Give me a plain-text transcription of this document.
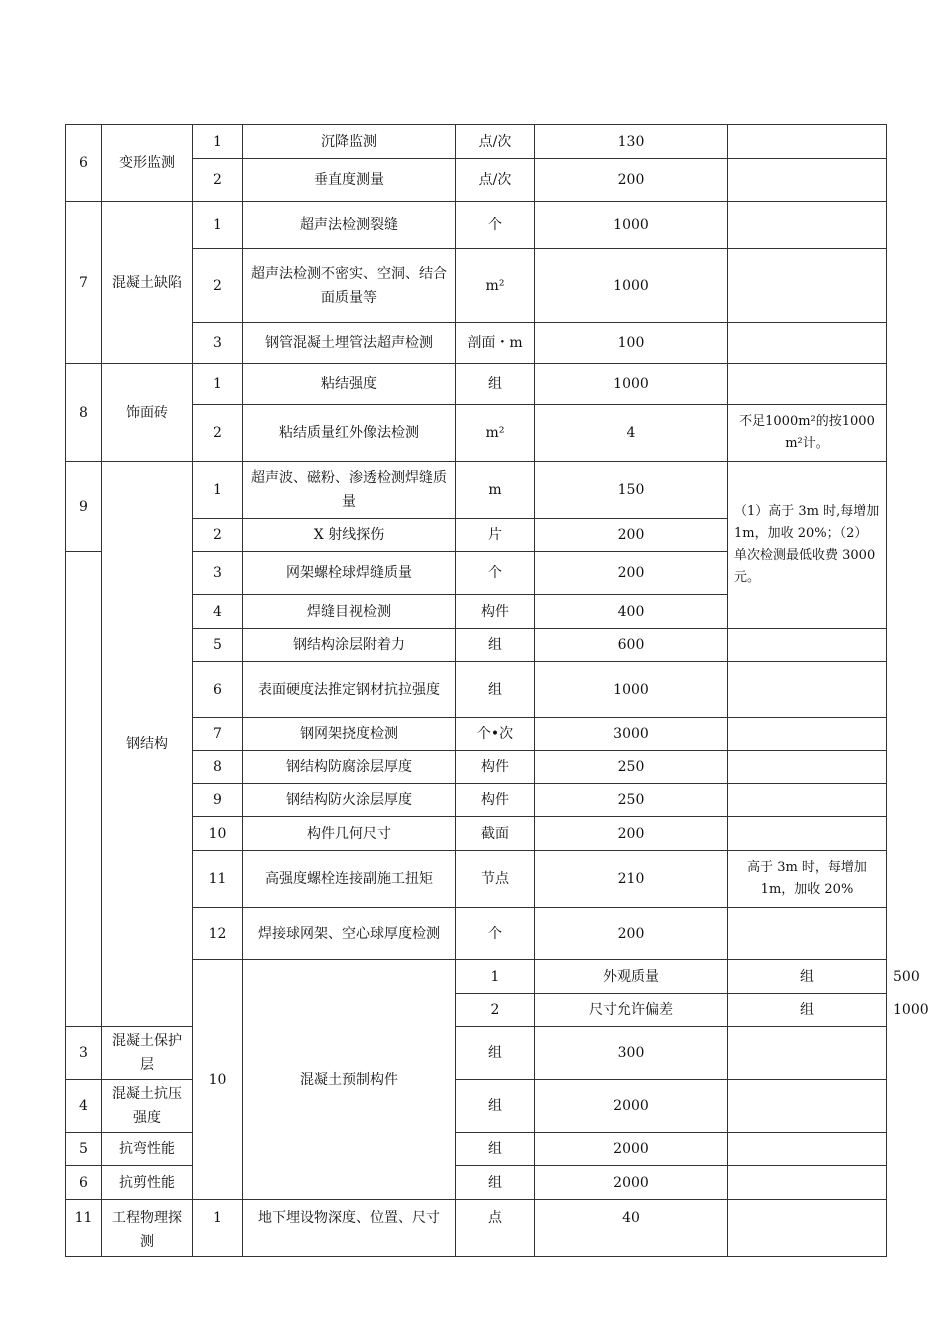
6	变形监测	1	沉降监测	点/次	130		
		2	垂直度测量	点/次	200		
7	混凝土缺陷	1	超声法检测裂缝	个	1000		
		2	超声法检测不密实、空洞、结合面质量等	m²	1000		
		3	钢管混凝土埋管法超声检测	剖面・m	100		
8	饰面砖	1	粘结强度	组	1000		
		2	粘结质量红外像法检测	m²	4	不足1000m²的按1000 m²计。	
9	钢结构	1	超声波、磁粉、渗透检测焊缝质量	m	150	（1）高于 3m 时,每增加 1m，加收 20%；（2）单次检测最低收费 3000 元。	
		2	X 射线探伤	片	200		
		3	网架螺栓球焊缝质量	个	200		
		4	焊缝目视检测	构件	400		
		5	钢结构涂层附着力	组	600		
		6	表面硬度法推定钢材抗拉强度	组	1000		
		7	钢网架挠度检测	个•次	3000		
		8	钢结构防腐涂层厚度	构件	250		
		9	钢结构防火涂层厚度	构件	250		
		10	构件几何尺寸	截面	200		
		11	高强度螺栓连接副施工扭矩	节点	210	高于 3m 时，每增加 1m，加收 20%	
		12	焊接球网架、空心球厚度检测	个	200		
		10	混凝土预制构件	1	外观质量	组	500	
				2	尺寸允许偏差	组	1000	
3	混凝土保护层			组	300		
4	混凝土抗压强度			组	2000		
5	抗弯性能			组	2000		
6	抗剪性能			组	2000		
11	工程物理探测	1	地下埋设物深度、位置、尺寸	点	40		
